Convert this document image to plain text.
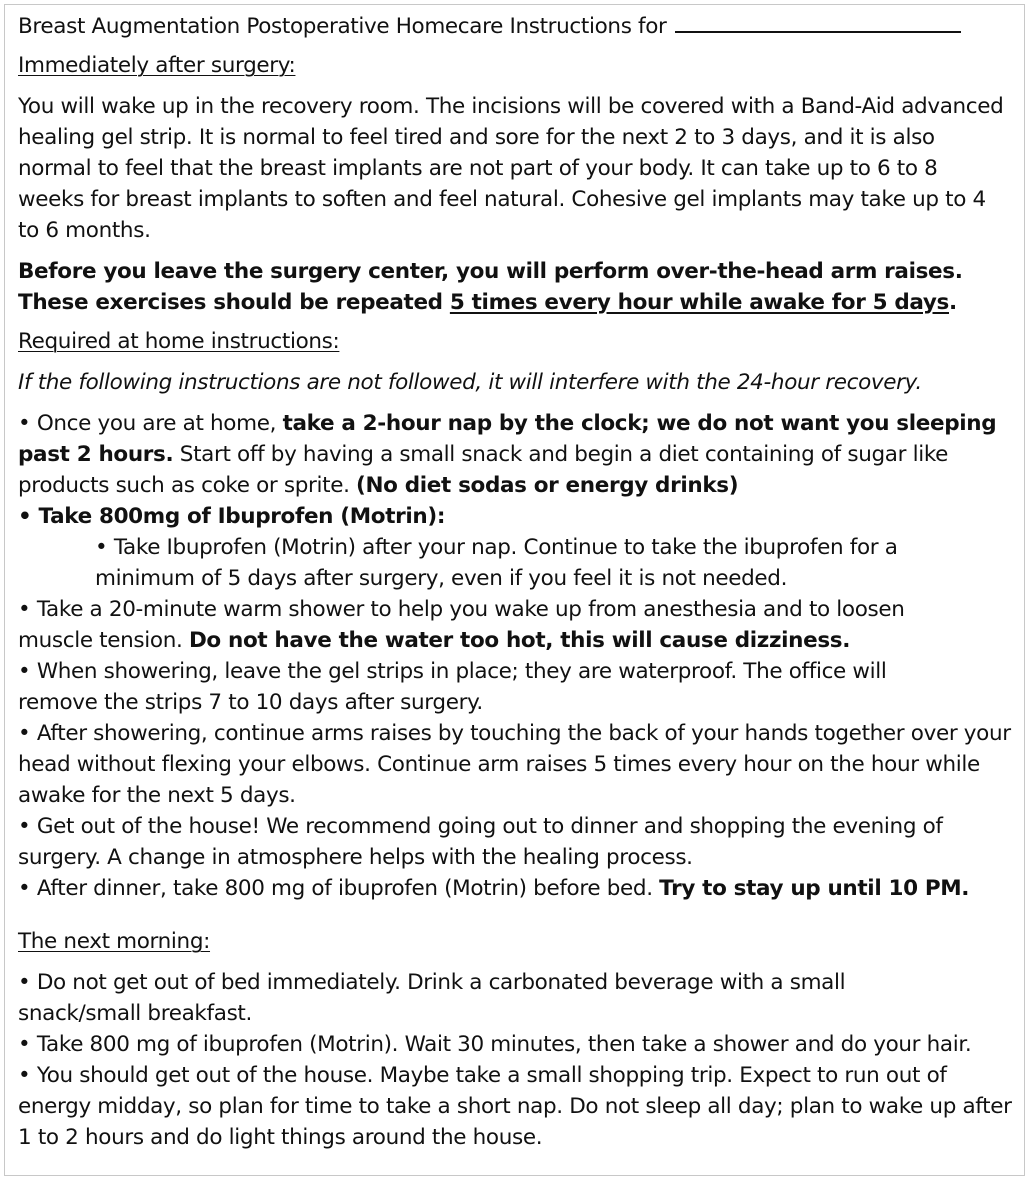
Breast Augmentation Postoperative Homecare Instructions for

Immediately after surgery:

You will wake up in the recovery room. The incisions will be covered with a Band-Aid advanced healing gel strip. It is normal to feel tired and sore for the next 2 to 3 days, and it is also normal to feel that the breast implants are not part of your body. It can take up to 6 to 8 weeks for breast implants to soften and feel natural. Cohesive gel implants may take up to 4 to 6 months.

Before you leave the surgery center, you will perform over-the-head arm raises.
These exercises should be repeated 5 times every hour while awake for 5 days.

Required at home instructions:

If the following instructions are not followed, it will interfere with the 24-hour recovery.

• Once you are at home, take a 2-hour nap by the clock; we do not want you sleeping past 2 hours. Start off by having a small snack and begin a diet containing of sugar like products such as coke or sprite. (No diet sodas or energy drinks)

• Take 800mg of Ibuprofen (Motrin):

• Take Ibuprofen (Motrin) after your nap. Continue to take the ibuprofen for a minimum of 5 days after surgery, even if you feel it is not needed.

• Take a 20-minute warm shower to help you wake up from anesthesia and to loosen muscle tension. Do not have the water too hot, this will cause dizziness.

• When showering, leave the gel strips in place; they are waterproof. The office will remove the strips 7 to 10 days after surgery.

• After showering, continue arms raises by touching the back of your hands together over your head without flexing your elbows. Continue arm raises 5 times every hour on the hour while awake for the next 5 days.

• Get out of the house! We recommend going out to dinner and shopping the evening of surgery. A change in atmosphere helps with the healing process.

• After dinner, take 800 mg of ibuprofen (Motrin) before bed. Try to stay up until 10 PM.

The next morning:

• Do not get out of bed immediately. Drink a carbonated beverage with a small snack/small breakfast.

• Take 800 mg of ibuprofen (Motrin). Wait 30 minutes, then take a shower and do your hair.

• You should get out of the house. Maybe take a small shopping trip. Expect to run out of energy midday, so plan for time to take a short nap. Do not sleep all day; plan to wake up after 1 to 2 hours and do light things around the house.
